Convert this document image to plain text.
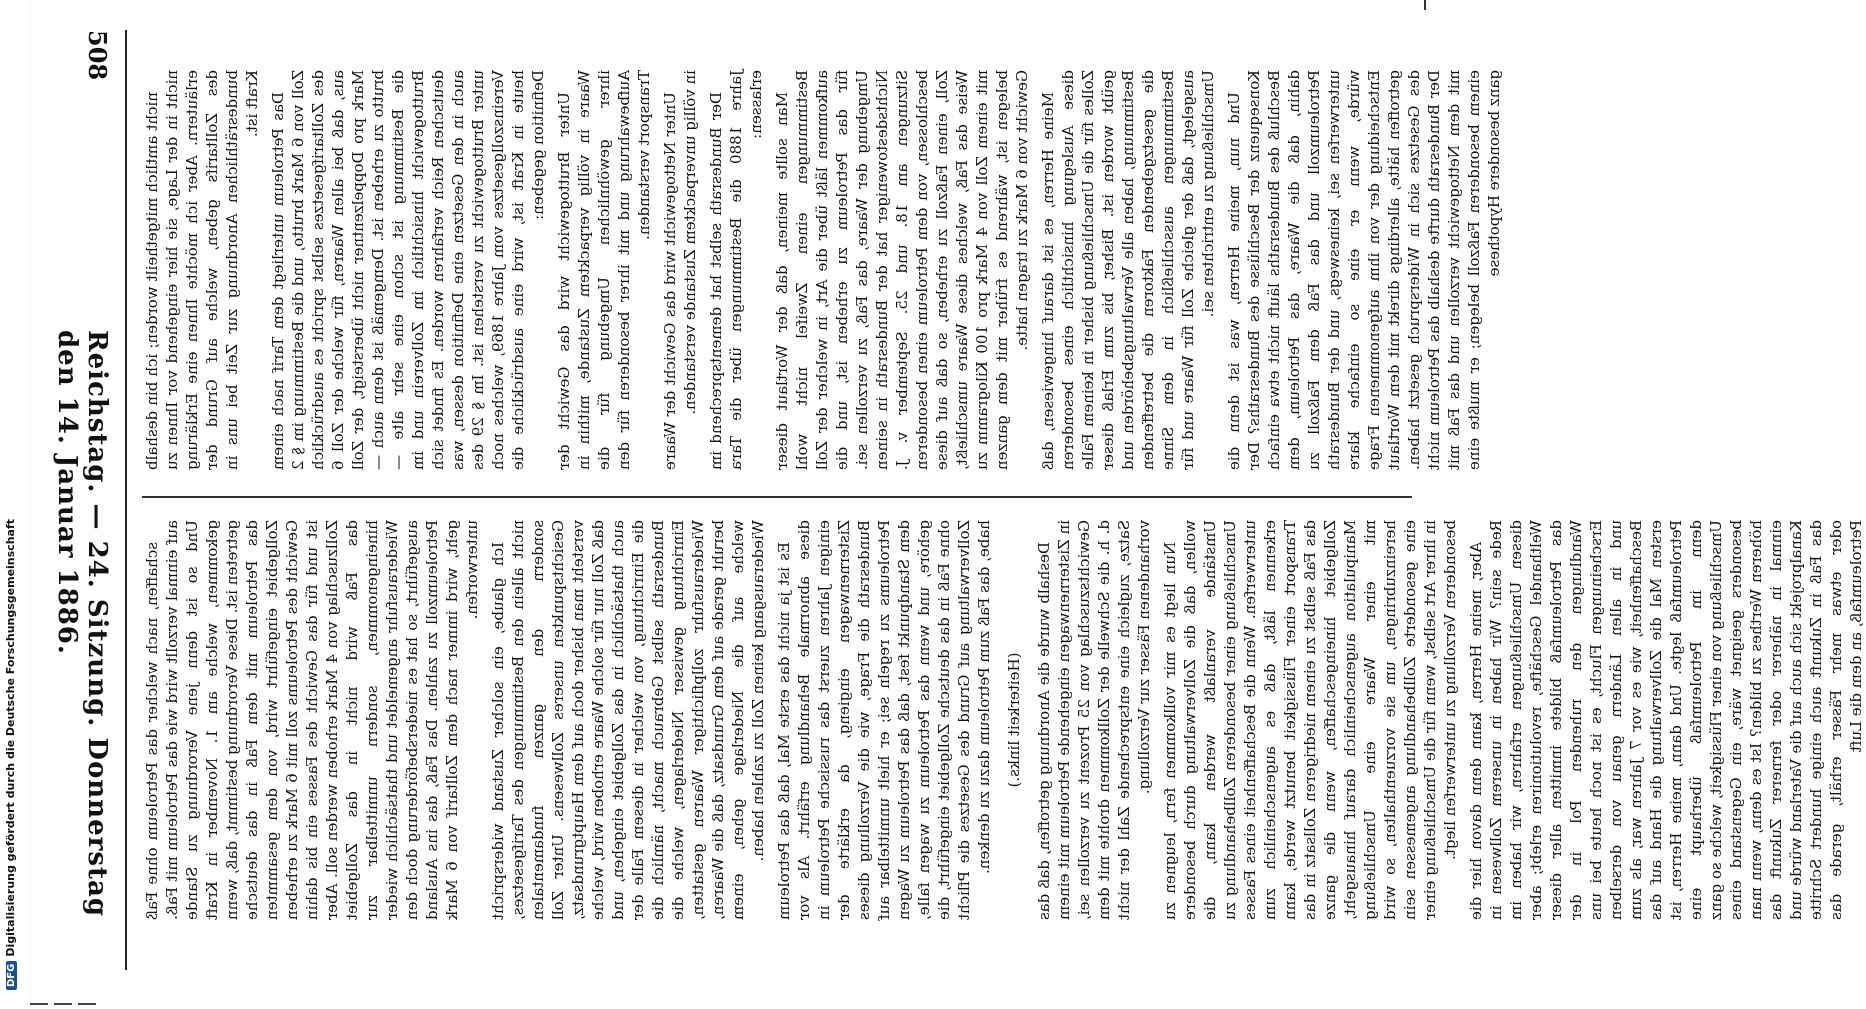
DFGDigitalisierung gefördert durch die Deutsche Forschungsgemeinschaft
508
Reichstag. — 24. Sitzung. Donnerstag den 14. Januar 1886.

nicht amtlich mitgetheilt worden; ich bin deshalb nicht in der Lage, sie hier eingehend vor Ihnen zu erläutern. Aber ich möchte Ihnen eine Erklärung des Zolltarifs geben, welche auf Grund der bundesräthlichen Anordnung zur Zeit bei uns in Kraft ist. Das Petroleum unterliegt dem Tarif nach einem Zoll von 6 Mark brutto, und die Bestimmung im § 2 des Zolltarifgesetzes selbst spricht es ausdrücklich aus, daß bei allen Waaren, für welche der Zoll 6 Mark pro Doppelzentner nicht übersteigt, der Zoll brutto zu erheben ist. Demgemäß ist denn auch — die Bestimmung ist schon eine sehr alte — Bruttogewicht hinsichtlich im Zollverein und im deutschen Reich verfahren worden. Es findet sich auch in den Gesetzen eine Definition dessen, was unter Bruttogewicht zu verstehen ist. Im § 29 des Vereinszollgesetzes vom Jahre 1869, welches noch heute in Kraft ist, wird eine ausdrückliche die Definition gegeben: Unter Bruttogewicht wird das Gewicht der Waare in völlig verpacktem Zustande, mithin in ihrer gewöhnlichen Umgebung für die Aufbewahrung und mit ihrer besonderen für den Transport verstanden. Unter Nettogewicht wird das Gewicht der Waare in völlig unverpacktem Zustande verstanden. Der Bundesrath selbst hat dementsprechend im Jahre 1880 die Bestimmungen über die Tara erlassen: Man sollte meinen, daß der Wortlaut dieser Bestimmungen einen Zweifel nicht wohl aufkommen läßt über die Art, in welcher der Zoll für das Petroleum zu erheben ist, und die Umgebung der Waare, das Faß, zu verzollen sei. Nichtsdestoweniger hat der Bundesrath in seinen Sitzungen am 18. und 25. September v. J. beschlossen, von dem Petroleum einen besonderen Zoll, einen Faßzoll zu erheben, so daß auf diese Weise das Faß, welches diese Waare umschließt, mit einem Zoll von 4 Mark pro 100 Kilogramm zu belegen ist, während es früher mit dem ganzen Gewicht von 6 Mark zu tragen hatte. Meine Herren, es ist darauf hingewiesen, daß diese Auslegung hinsichtlich eines besonderen Zolles für die Umschließung bisher in keinem Falle geübt worden ist. Bisher, bis zum Erlaß dieser Bestimmung, haben alle Verwaltungsbehörden und die gesetzgebenden Faktoren die betreffenden Bestimmungen ausschließlich in dem Sinne ausgelegt, daß der gleiche Zoll für Waare und für Umschließung zu entrichten sei. Und nun, meine Herren, was ist denn die Konsequenz der Beschlüsse des Bundesraths? Der Beschluß des Bundesraths läuft nicht etwa einfach dahin, daß die Waare, das Petroleum, dem Petroleumzoll und das Faß dem Faßzoll zu unterwerfen sei, keineswegs, und der Bundesrath würde, wenn er eine so einfache klare Entscheidung der von ihm aufgenommenen Frage getroffen hätte, allerdings direkt mit dem Wortlaut des Gesetzes sich in Widerspruch gesetzt haben. Der Bundesrath durfte deshalb das Petroleum nicht mit dem Nettogewicht verzollen und das Faß mit einem besonderen Faßzoll belegen; er mußte eine ganz besondere Hypothese

schaffen, nach welcher das Petroleum ohne Faß auf einmal verzollt wird wie das Petroleum mit Faß. Und so ist denn jene Verordnung zu Stande gekommen, welche am 1. November in Kraft getreten ist. Diese Verordnung bestimmt, daß, wenn das Petroleum mit dem Faß in das deutsche Zollgebiet eingeführt wird, von dem gesammten Gewicht des Petroleums zoll mit 6 Mark zu erheben ist und für das Gewicht des Fasses ein bis dahin Zollzuschlag von 4 Mark erhoben werden soll. Aber das Faß wird nicht in das Zollgebiet hineingenommen, sondern unmittelbar zur Wiederausfuhr angemeldet und thatsächlich wieder ausgeführt, so hat es niedersbeförderung doch den Petroleumzoll zu zahlen. Das Faß, das ins Ausland geht, wird immer nach dem Zolltarif von 6 Mark unterworfen. Ich glaube, ein solcher Zustand widerspricht nicht allein den Bestimmungen des Tarifgesetzes, sondern den ganzen fundamentalen Gesichtspunkten unseres Zollwesens. Unter Zoll versteht man bisher doch auf dem Hauptgrundsatz, daß Zoll nur für solche Waare erhoben wird, welche auch thatsächlich in das Zollgebiet eingehen, und die Einrichtung, von welcher in diesem Falle der Bundesrath selbst Gebrauch macht, nämlich die Einrichtung gewisser Niederlagen, welche die Wiederausfuhr zollpflichtiger Waaren gestatten, beruht gerade auf dem Grundsatz, daß die Waaren, welche auf die Niederlage gehen, einem Wiederausgang keinen Zoll zu zahlen haben. Es ist ja nicht das erste Mal, daß das Petroleum diese abnormale Behandlung erfährt. Als vor einigen Jahren zuerst das russische Petroleum in Zisternenwagen eingieng, da erklärte der Bundesrath die Frage, wie die Verzollung dieses Petroleums zu regeln sei; er hielt unmittelbar auf dem Standpunkt fest, daß das Petroleum zu Wagen gehöre, und wenn das Petroleum zu wagen falle, ohne Faß in das deutsche Zollgebiet eingeführt, die Zollverwaltung auf Grund des Gesetzes die Pflicht habe, das Faß zum Petroleum dazu zu denken. (Heiterkeit links.) Deshalb wurde die Anordnung getroffen, daß das in Zisternenwagen eingehende Petroleum mit einem Gewichtszuschlag von 25 Prozent zu verzollen sei, d. h. die Schwelle der Zollkommen drohte mit dem Satze, zugleich eine entsprechende Zahl der nicht vorhandenen Fässer zur Verzollung. Nun liegt es mir vollkommen fern, leugnen zu wollen, daß die Zollverwaltung durch besondere Umstände veranlaßt werden kann, die Umschließung einer besonderen Zollbehandlung zu unterwerfen. Wenn die Beschaffenheit eines Fasses erkennen läßt, daß es augenscheinlich zum Transport einer Flüssigkeit benutzt werde, kann das Faß selbst zu einem niedrigeren Zollsatz in das Zollgebiet hineingeschaffen, wenn die ganze Manipulation augenscheinlich darauf hinausgeht, mit einer Waare eine Umschließung hereinzubringen, um sie vorzuenthalten, so wird eine gesonderte Zollbehandlung angemessen sein in ihrer Art selbst, wenn für die Umschließung einer besonderen Verzollung zu unterwerfen liegt. Aber, meine Herren, kann denn davon hier die Rede sein? Wir haben in unserem Zollwesen in diesen Umschließungen erfahren, wir haben im Welthandel Geschäfte, revolutioniren erlebt; aber das Petroleumfaß bildete inmitten aller dieser Wandlungen den ruhenden Pol in der Erscheinungen Flucht, es ist noch heute bei uns und in allen Ländern genau von derselben Beschaffenheit, wie es vor 7 Jahren war, als zum ersten Mal die Zollverwaltung die Hand auf das Petroleumfaß legte. Und dann, meine Herren, ist denn im Petroleumfaß überhaupt eine Umschließung von einer Flüssigkeit, welche so ganz besonders geeignet wäre, ein Gegenstand eines höheren Werthes zu bilden? Ist es denn, wenn man einmal in näherer oder fernerer Zukunft das Kanalprojekt sich auch auf die Vaterland würde und das Faß in Zukunft auch einige hundert Schritte oder etwas mehr Fässer erhält, gerade das Petroleumfaß, an dem die Luft
